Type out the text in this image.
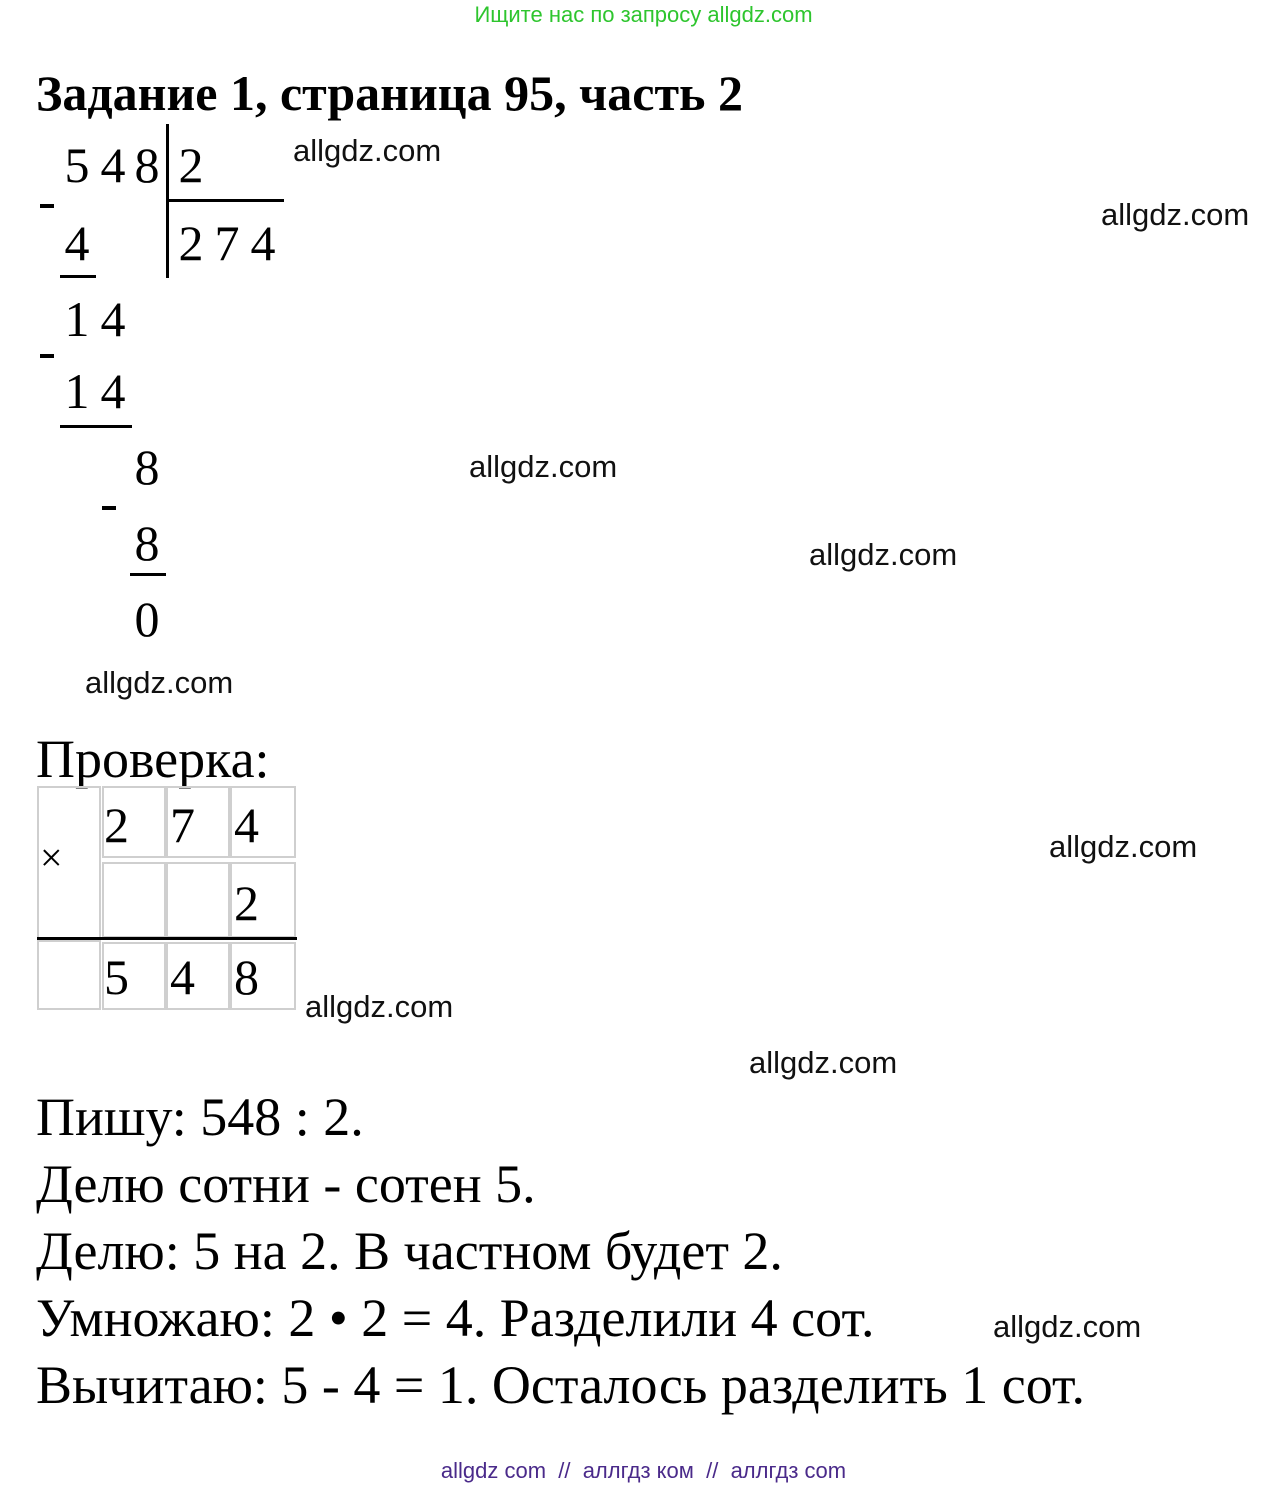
Ищите нас по запросу allgdz.com
Задание 1, страница 95, часть 2
allgdz.com
allgdz.com
allgdz.com
allgdz.com
allgdz.com
allgdz.com
allgdz.com
allgdz.com
allgdz.com
5 4 8 2
2 7 4
4
1 4
1 4
8
8
0
Проверка:
×
2 7 4
2
5 4 8
Пишу: 548 : 2.
Делю сотни - сотен 5.
Делю: 5 на 2. В частном будет 2.
Умножаю: 2 • 2 = 4. Разделили 4 сот.
Вычитаю: 5 - 4 = 1. Осталось разделить 1 сот.
allgdz com  //  аллгдз ком  //  аллгдз com
